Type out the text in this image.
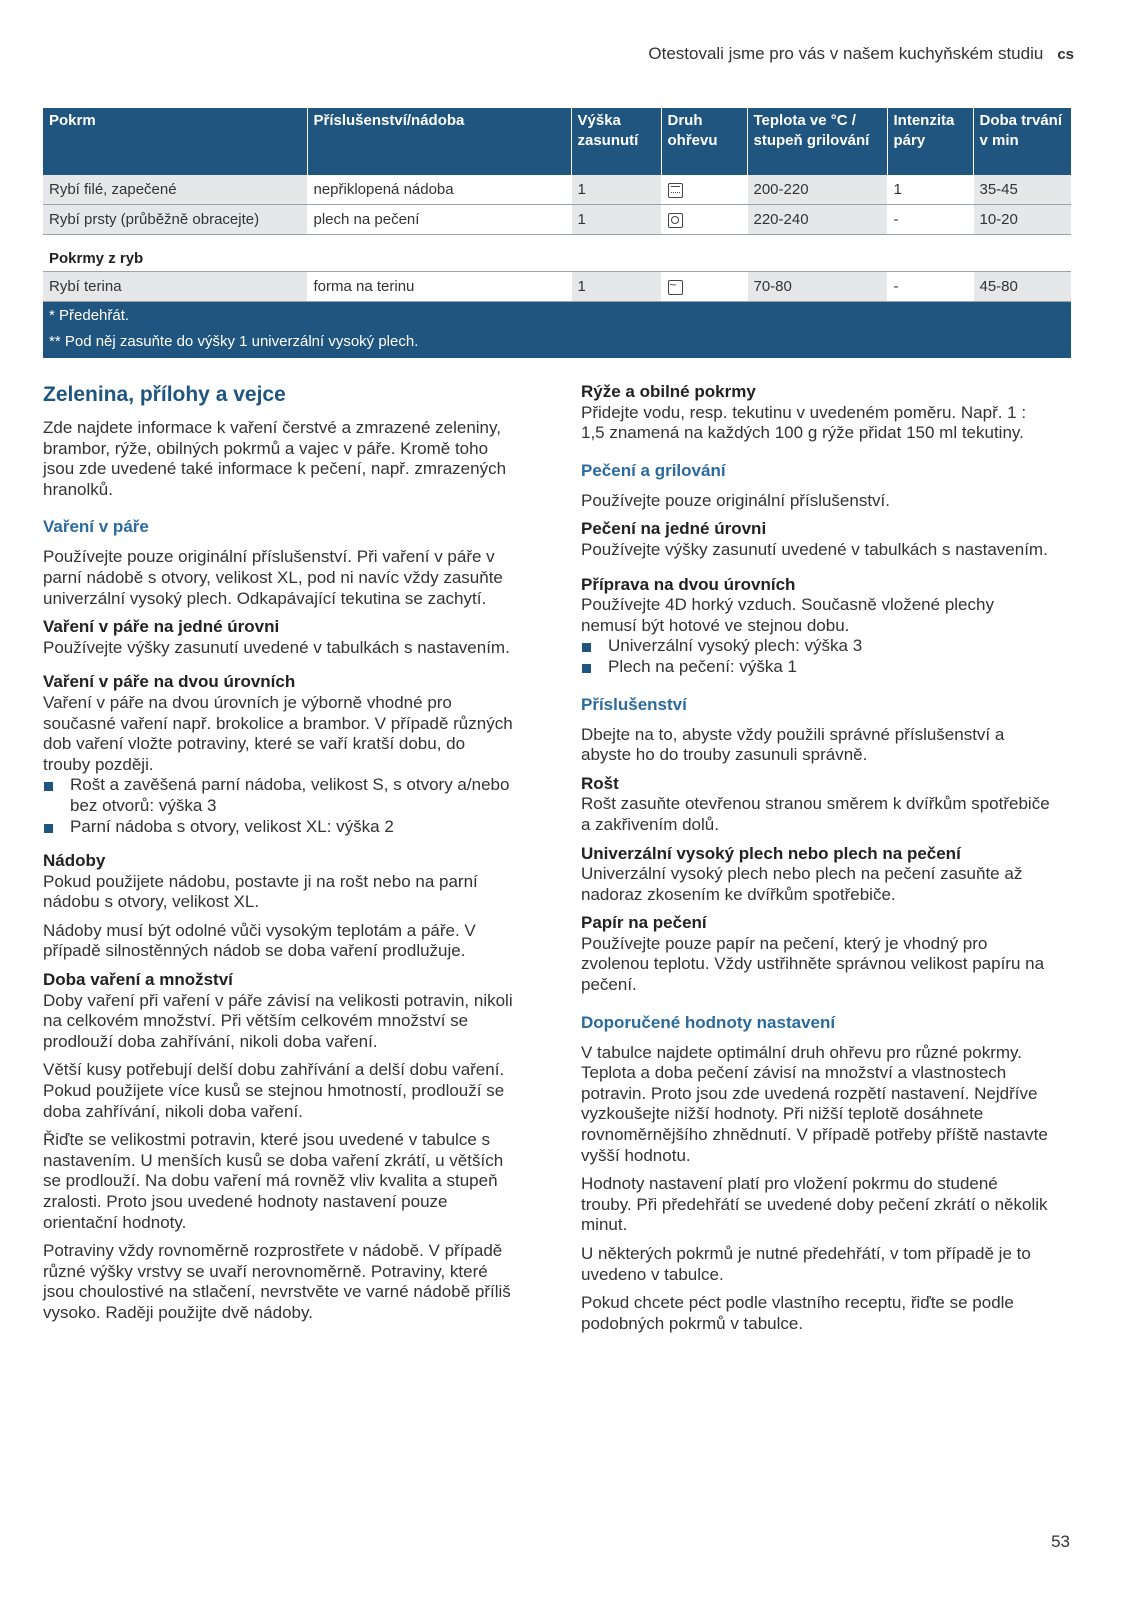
Otestovali jsme pro vás v našem kuchyňském studiu cs
Pokrm	Příslušenství/nádoba	Výška zasunutí	Druh ohřevu	Teplota ve °C / stupeň grilování	Intenzita páry	Doba trvání v min
Rybí filé, zapečené	nepřiklopená nádoba	1		200-220	1	35-45
Rybí prsty (průběžně obracejte)	plech na pečení	1		220-240	-	10-20
Pokrmy z ryb						
Rybí terina	forma na terinu	1	~	70-80	-	45-80
* Předehřát.						
** Pod něj zasuňte do výšky 1 univerzální vysoký plech.						
Zelenina, přílohy a vejce

Zde najdete informace k vaření čerstvé a zmrazené zeleniny, brambor, rýže, obilných pokrmů a vajec v páře. Kromě toho jsou zde uvedené také informace k pečení, např. zmrazených hranolků.

Vaření v páře

Používejte pouze originální příslušenství. Při vaření v páře v parní nádobě s otvory, velikost XL, pod ni navíc vždy zasuňte univerzální vysoký plech. Odkapávající tekutina se zachytí.

Vaření v páře na jedné úrovni

Používejte výšky zasunutí uvedené v tabulkách s nastavením.

Vaření v páře na dvou úrovních

Vaření v páře na dvou úrovních je výborně vhodné pro současné vaření např. brokolice a brambor. V případě různých dob vaření vložte potraviny, které se vaří kratší dobu, do trouby později.

Rošt a zavěšená parní nádoba, velikost S, s otvory a/nebo bez otvorů: výška 3
Parní nádoba s otvory, velikost XL: výška 2
Nádoby

Pokud použijete nádobu, postavte ji na rošt nebo na parní nádobu s otvory, velikost XL.

Nádoby musí být odolné vůči vysokým teplotám a páře. V případě silnostěnných nádob se doba vaření prodlužuje.

Doba vaření a množství

Doby vaření při vaření v páře závisí na velikosti potravin, nikoli na celkovém množství. Při větším celkovém množství se prodlouží doba zahřívání, nikoli doba vaření.

Větší kusy potřebují delší dobu zahřívání a delší dobu vaření. Pokud použijete více kusů se stejnou hmotností, prodlouží se doba zahřívání, nikoli doba vaření.

Řiďte se velikostmi potravin, které jsou uvedené v tabulce s nastavením. U menších kusů se doba vaření zkrátí, u větších se prodlouží. Na dobu vaření má rovněž vliv kvalita a stupeň zralosti. Proto jsou uvedené hodnoty nastavení pouze orientační hodnoty.

Potraviny vždy rovnoměrně rozprostřete v nádobě. V případě různé výšky vrstvy se uvaří nerovnoměrně. Potraviny, které jsou choulostivé na stlačení, nevrstvěte ve varné nádobě příliš vysoko. Raději použijte dvě nádoby.

Rýže a obilné pokrmy

Přidejte vodu, resp. tekutinu v uvedeném poměru. Např. 1 : 1,5 znamená na každých 100 g rýže přidat 150 ml tekutiny.

Pečení a grilování

Používejte pouze originální příslušenství.

Pečení na jedné úrovni

Používejte výšky zasunutí uvedené v tabulkách s nastavením.

Příprava na dvou úrovních

Používejte 4D horký vzduch. Současně vložené plechy nemusí být hotové ve stejnou dobu.

Univerzální vysoký plech: výška 3
Plech na pečení: výška 1
Příslušenství

Dbejte na to, abyste vždy použili správné příslušenství a abyste ho do trouby zasunuli správně.

Rošt

Rošt zasuňte otevřenou stranou směrem k dvířkům spotřebiče a zakřivením dolů.

Univerzální vysoký plech nebo plech na pečení

Univerzální vysoký plech nebo plech na pečení zasuňte až nadoraz zkosením ke dvířkům spotřebiče.

Papír na pečení

Používejte pouze papír na pečení, který je vhodný pro zvolenou teplotu. Vždy ustřihněte správnou velikost papíru na pečení.

Doporučené hodnoty nastavení

V tabulce najdete optimální druh ohřevu pro různé pokrmy. Teplota a doba pečení závisí na množství a vlastnostech potravin. Proto jsou zde uvedená rozpětí nastavení. Nejdříve vyzkoušejte nižší hodnoty. Při nižší teplotě dosáhnete rovnoměrnějšího zhnědnutí. V případě potřeby příště nastavte vyšší hodnotu.

Hodnoty nastavení platí pro vložení pokrmu do studené trouby. Při předehřátí se uvedené doby pečení zkrátí o několik minut.

U některých pokrmů je nutné předehřátí, v tom případě je to uvedeno v tabulce.

Pokud chcete péct podle vlastního receptu, řiďte se podle podobných pokrmů v tabulce.

53
